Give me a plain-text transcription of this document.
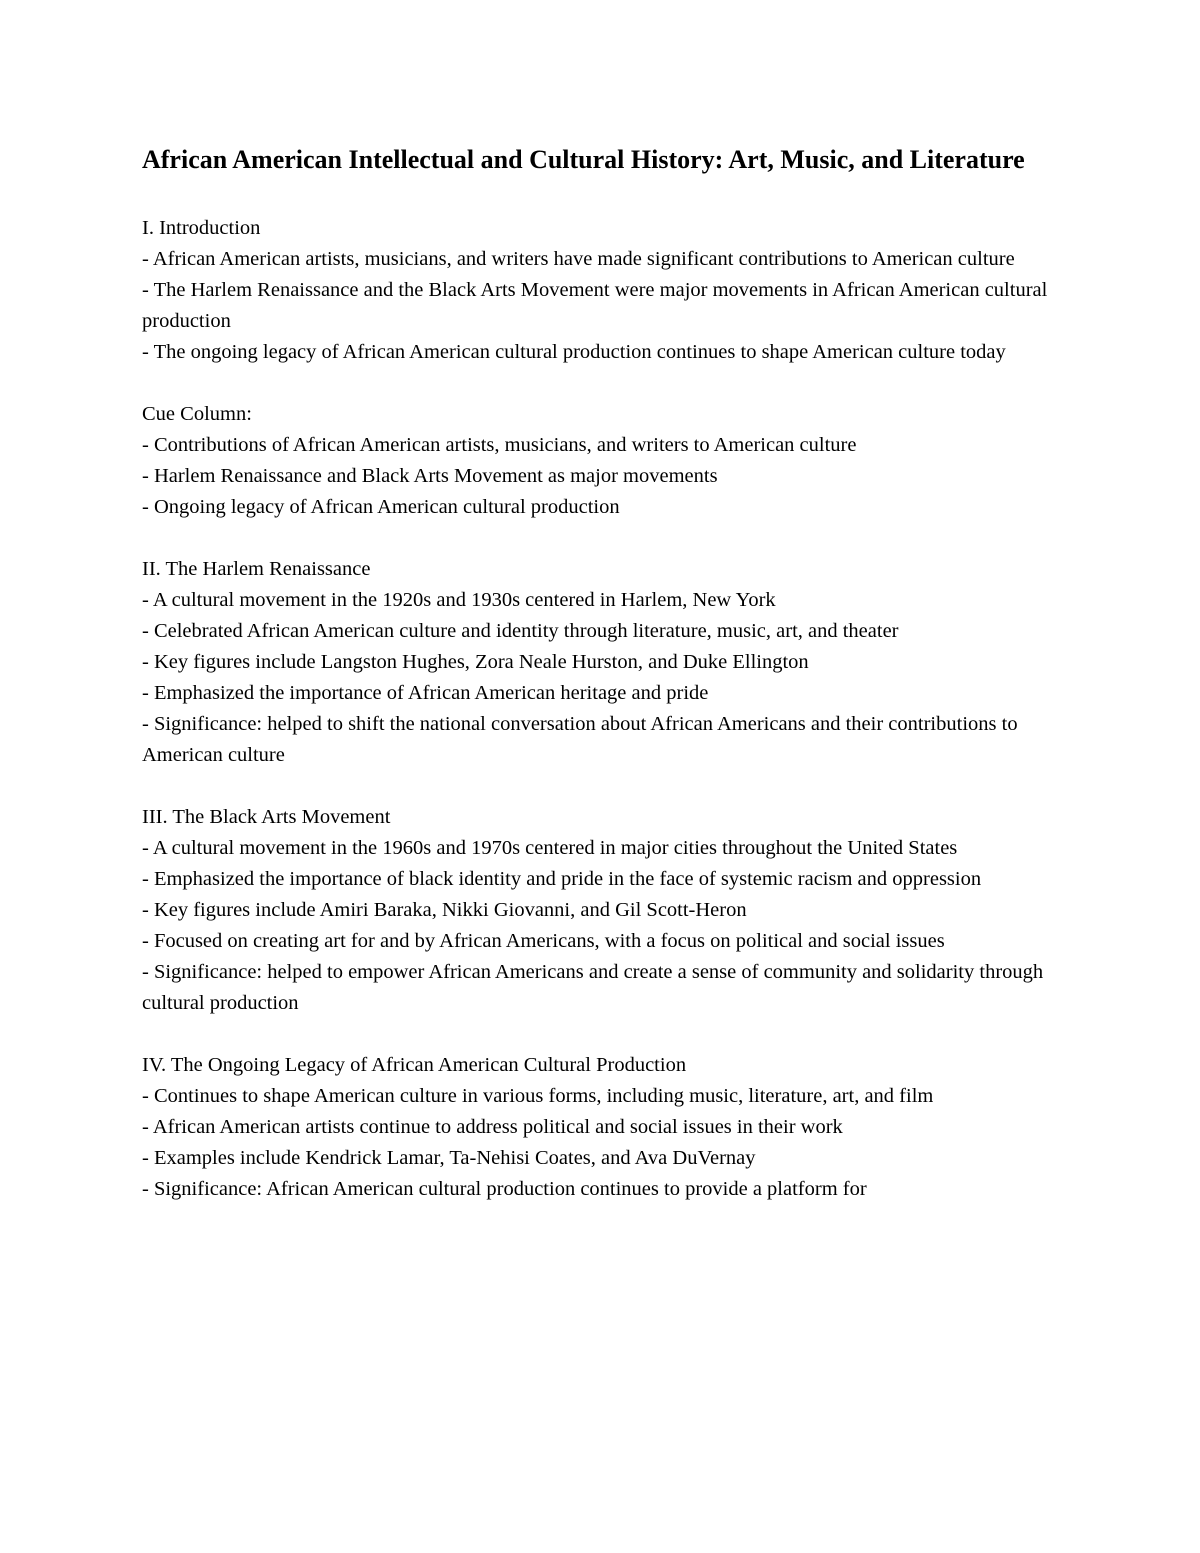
African American Intellectual and Cultural History: Art, Music, and Literature

I. Introduction

- African American artists, musicians, and writers have made significant contributions to American culture
- The Harlem Renaissance and the Black Arts Movement were major movements in African American cultural production
- The ongoing legacy of African American cultural production continues to shape American culture today

Cue Column:

- Contributions of African American artists, musicians, and writers to American culture
- Harlem Renaissance and Black Arts Movement as major movements
- Ongoing legacy of African American cultural production

II. The Harlem Renaissance

- A cultural movement in the 1920s and 1930s centered in Harlem, New York
- Celebrated African American culture and identity through literature, music, art, and theater
- Key figures include Langston Hughes, Zora Neale Hurston, and Duke Ellington
- Emphasized the importance of African American heritage and pride
- Significance: helped to shift the national conversation about African Americans and their contributions to American culture

III. The Black Arts Movement

- A cultural movement in the 1960s and 1970s centered in major cities throughout the United States
- Emphasized the importance of black identity and pride in the face of systemic racism and oppression
- Key figures include Amiri Baraka, Nikki Giovanni, and Gil Scott-Heron
- Focused on creating art for and by African Americans, with a focus on political and social issues
- Significance: helped to empower African Americans and create a sense of community and solidarity through cultural production

IV. The Ongoing Legacy of African American Cultural Production

- Continues to shape American culture in various forms, including music, literature, art, and film
- African American artists continue to address political and social issues in their work
- Examples include Kendrick Lamar, Ta-Nehisi Coates, and Ava DuVernay
- Significance: African American cultural production continues to provide a platform for
